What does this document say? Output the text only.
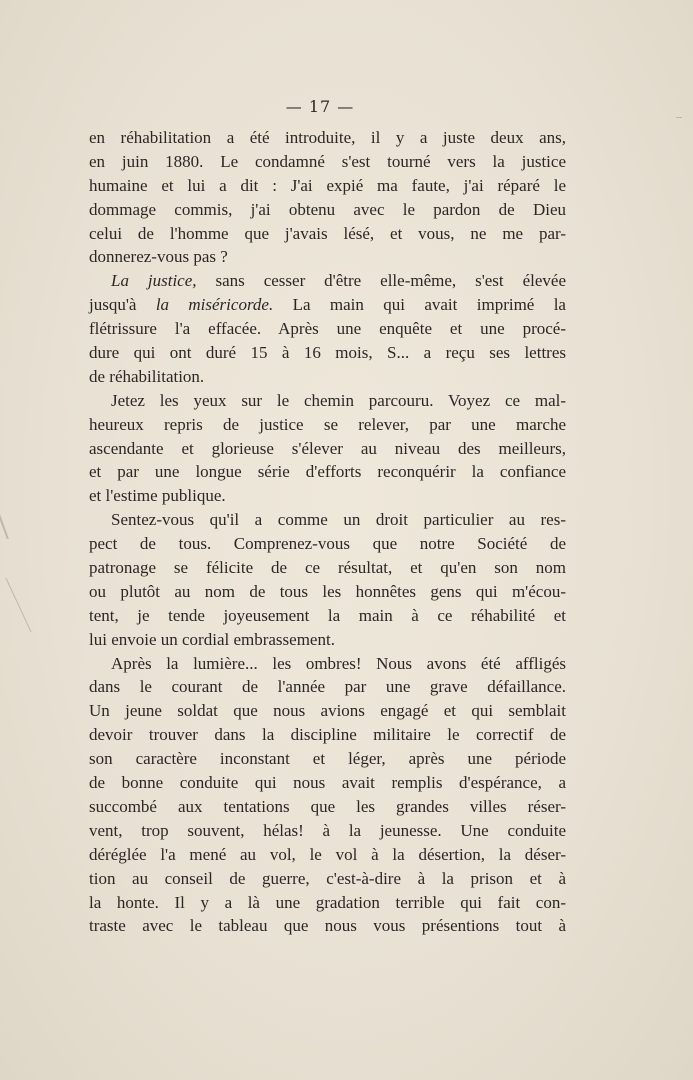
— 17 —
en réhabilitation a été introduite, il y a juste deux ans,
en juin 1880. Le condamné s'est tourné vers la justice
humaine et lui a dit : J'ai expié ma faute, j'ai réparé le
dommage commis, j'ai obtenu avec le pardon de Dieu
celui de l'homme que j'avais lésé, et vous, ne me par-
donnerez-vous pas ?
La justice, sans cesser d'être elle-même, s'est élevée
jusqu'à la miséricorde. La main qui avait imprimé la
flétrissure l'a effacée. Après une enquête et une procé-
dure qui ont duré 15 à 16 mois, S... a reçu ses lettres
de réhabilitation.
Jetez les yeux sur le chemin parcouru. Voyez ce mal-
heureux repris de justice se relever, par une marche
ascendante et glorieuse s'élever au niveau des meilleurs,
et par une longue série d'efforts reconquérir la confiance
et l'estime publique.
Sentez-vous qu'il a comme un droit particulier au res-
pect de tous. Comprenez-vous que notre Société de
patronage se félicite de ce résultat, et qu'en son nom
ou plutôt au nom de tous les honnêtes gens qui m'écou-
tent, je tende joyeusement la main à ce réhabilité et
lui envoie un cordial embrassement.
Après la lumière... les ombres! Nous avons été affligés
dans le courant de l'année par une grave défaillance.
Un jeune soldat que nous avions engagé et qui semblait
devoir trouver dans la discipline militaire le correctif de
son caractère inconstant et léger, après une période
de bonne conduite qui nous avait remplis d'espérance, a
succombé aux tentations que les grandes villes réser-
vent, trop souvent, hélas! à la jeunesse. Une conduite
déréglée l'a mené au vol, le vol à la désertion, la déser-
tion au conseil de guerre, c'est-à-dire à la prison et à
la honte. Il y a là une gradation terrible qui fait con-
traste avec le tableau que nous vous présentions tout à
